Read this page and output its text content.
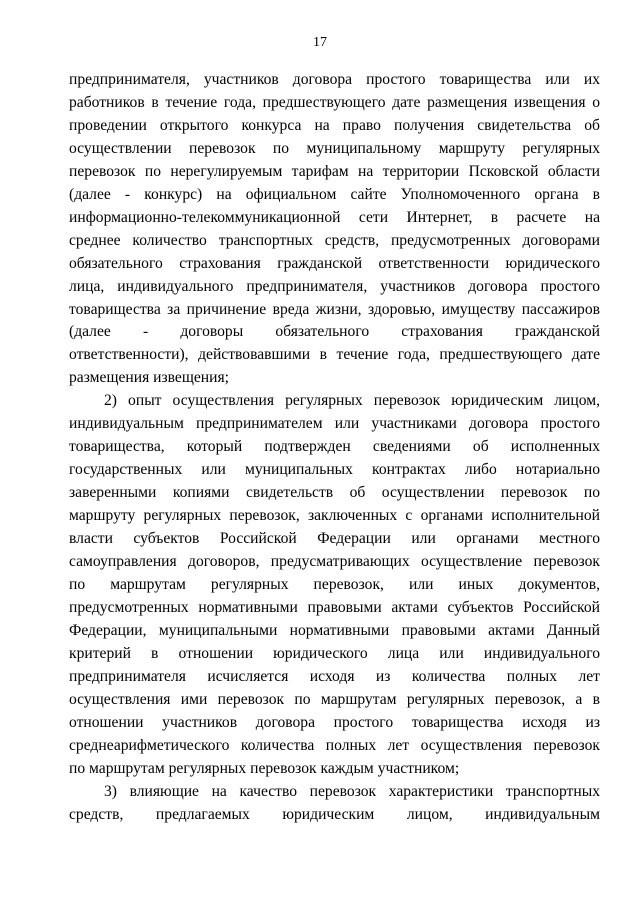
17
предпринимателя, участников договора простого товарищества или их
работников в течение года, предшествующего дате размещения извещения о
проведении открытого конкурса на право получения свидетельства об
осуществлении перевозок по муниципальному маршруту регулярных
перевозок по нерегулируемым тарифам на территории Псковской области
(далее - конкурс) на официальном сайте Уполномоченного органа в
информационно-телекоммуникационной сети Интернет, в расчете на
среднее количество транспортных средств, предусмотренных договорами
обязательного страхования гражданской ответственности юридического
лица, индивидуального предпринимателя, участников договора простого
товарищества за причинение вреда жизни, здоровью, имуществу пассажиров
(далее - договоры обязательного страхования гражданской
ответственности), действовавшими в течение года, предшествующего дате
размещения извещения;
2) опыт осуществления регулярных перевозок юридическим лицом,
индивидуальным предпринимателем или участниками договора простого
товарищества, который подтвержден сведениями об исполненных
государственных или муниципальных контрактах либо нотариально
заверенными копиями свидетельств об осуществлении перевозок по
маршруту регулярных перевозок, заключенных с органами исполнительной
власти субъектов Российской Федерации или органами местного
самоуправления договоров, предусматривающих осуществление перевозок
по маршрутам регулярных перевозок, или иных документов,
предусмотренных нормативными правовыми актами субъектов Российской
Федерации, муниципальными нормативными правовыми актами Данный
критерий в отношении юридического лица или индивидуального
предпринимателя исчисляется исходя из количества полных лет
осуществления ими перевозок по маршрутам регулярных перевозок, а в
отношении участников договора простого товарищества исходя из
среднеарифметического количества полных лет осуществления перевозок
по маршрутам регулярных перевозок каждым участником;
3) влияющие на качество перевозок характеристики транспортных
средств, предлагаемых юридическим лицом, индивидуальным
